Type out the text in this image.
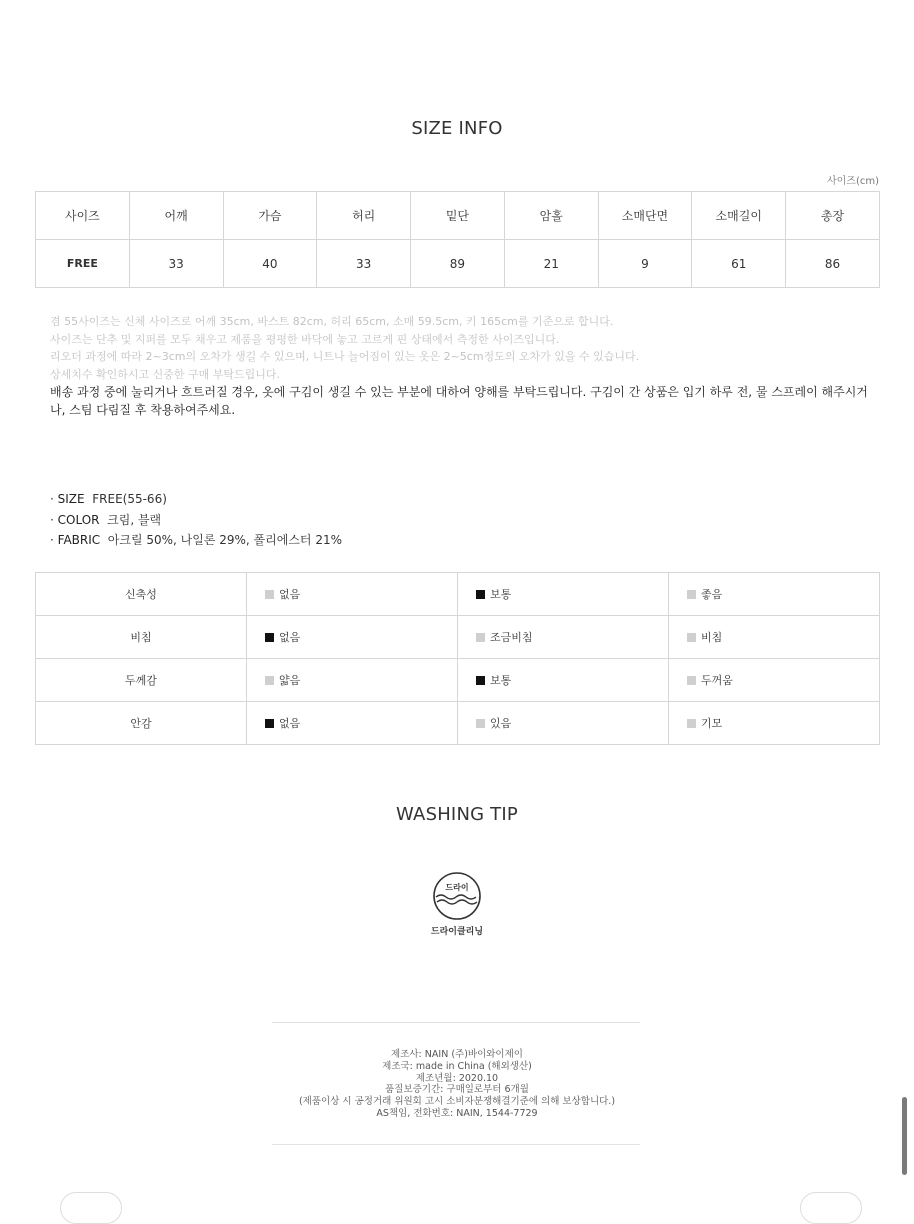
SIZE INFO
사이즈(cm)
사이즈	어깨	가슴	허리	밑단	암홀	소매단면	소매길이	총장
FREE	33	40	33	89	21	9	61	86
겸 55사이즈는 신체 사이즈로 어깨 35cm, 바스트 82cm, 허리 65cm, 소매 59.5cm, 키 165cm를 기준으로 합니다.
사이즈는 단추 및 지퍼를 모두 채우고 제품을 평평한 바닥에 놓고 고르게 핀 상태에서 측정한 사이즈입니다.
리오더 과정에 따라 2~3cm의 오차가 생길 수 있으며, 니트나 늘어짐이 있는 옷은 2~5cm정도의 오차가 있을 수 있습니다.
상세치수 확인하시고 신중한 구매 부탁드립니다.
배송 과정 중에 눌리거나 흐트러질 경우, 옷에 구김이 생길 수 있는 부분에 대하여 양해를 부탁드립니다. 구김이 간 상품은 입기 하루 전, 물 스프레이 해주시거나, 스팀 다림질 후 착용하여주세요.
· SIZE FREE(55-66)
· COLOR 크림, 블랙
· FABRIC 아크릴 50%, 나일론 29%, 폴리에스터 21%
신축성	없음	보통	좋음
비침	없음	조금비침	비침
두께감	얇음	보통	두꺼움
안감	없음	있음	기모
WASHING TIP
드라이
드라이클리닝
제조사: NAIN (주)바이와이제이
제조국: made in China (해외생산)
제조년월: 2020.10
품질보증기간: 구매일로부터 6개월
(제품이상 시 공정거래 위원회 고시 소비자분쟁해결기준에 의해 보상합니다.)
AS책임, 전화번호: NAIN, 1544-7729
